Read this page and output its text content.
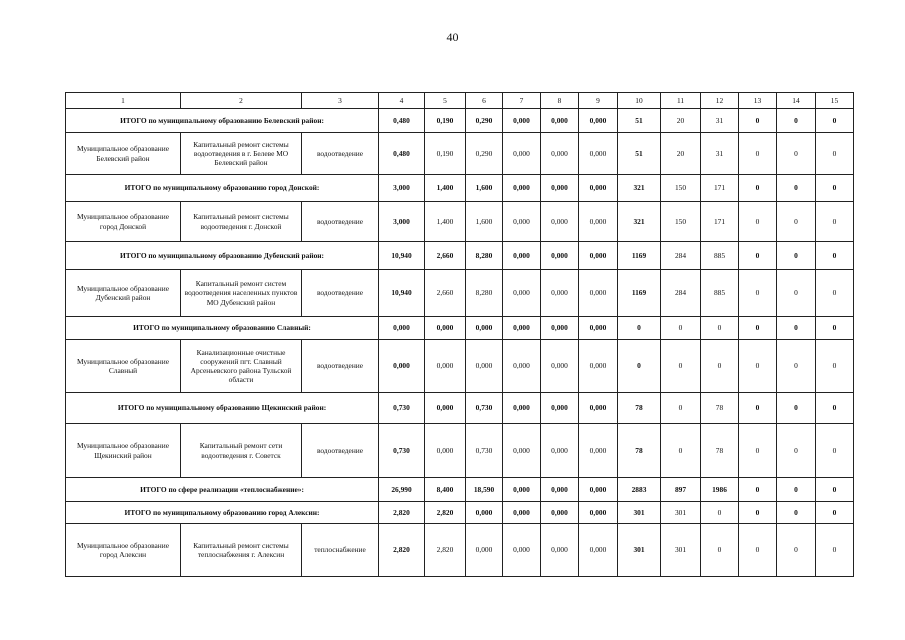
40
1	2	3	4	5	6	7	8	9	10	11	12	13	14	15
ИТОГО по муниципальному образованию Белевский район:			0,480	0,190	0,290	0,000	0,000	0,000	51	20	31	0	0	0
Муниципальное образование Белевский район	Капитальный ремонт системы водоотведения в г. Белеве МО Белевский район	водоотведение	0,480	0,190	0,290	0,000	0,000	0,000	51	20	31	0	0	0
ИТОГО по муниципальному образованию город Донской:			3,000	1,400	1,600	0,000	0,000	0,000	321	150	171	0	0	0
Муниципальное образование город Донской	Капитальный ремонт системы водоотведения г. Донской	водоотведение	3,000	1,400	1,600	0,000	0,000	0,000	321	150	171	0	0	0
ИТОГО по муниципальному образованию Дубенский район:			10,940	2,660	8,280	0,000	0,000	0,000	1169	284	885	0	0	0
Муниципальное образование Дубенский район	Капитальный ремонт систем водоотведения населенных пунктов МО Дубенский район	водоотведение	10,940	2,660	8,280	0,000	0,000	0,000	1169	284	885	0	0	0
ИТОГО по муниципальному образованию Славный:			0,000	0,000	0,000	0,000	0,000	0,000	0	0	0	0	0	0
Муниципальное образование Славный	Канализационные очистные сооружений пгт. Славный Арсеньевского района Тульской области	водоотведение	0,000	0,000	0,000	0,000	0,000	0,000	0	0	0	0	0	0
ИТОГО по муниципальному образованию Щекинский район:			0,730	0,000	0,730	0,000	0,000	0,000	78	0	78	0	0	0
Муниципальное образование Щекинский район	Капитальный ремонт сети водоотведения г. Советск	водоотведение	0,730	0,000	0,730	0,000	0,000	0,000	78	0	78	0	0	0
ИТОГО по сфере реализации «теплоснабжение»:			26,990	8,400	18,590	0,000	0,000	0,000	2883	897	1986	0	0	0
ИТОГО по муниципальному образованию город Алексин:			2,820	2,820	0,000	0,000	0,000	0,000	301	301	0	0	0	0
Муниципальное образование город Алексин	Капитальный ремонт системы теплоснабжения г. Алексин	теплоснабжение	2,820	2,820	0,000	0,000	0,000	0,000	301	301	0	0	0	0
